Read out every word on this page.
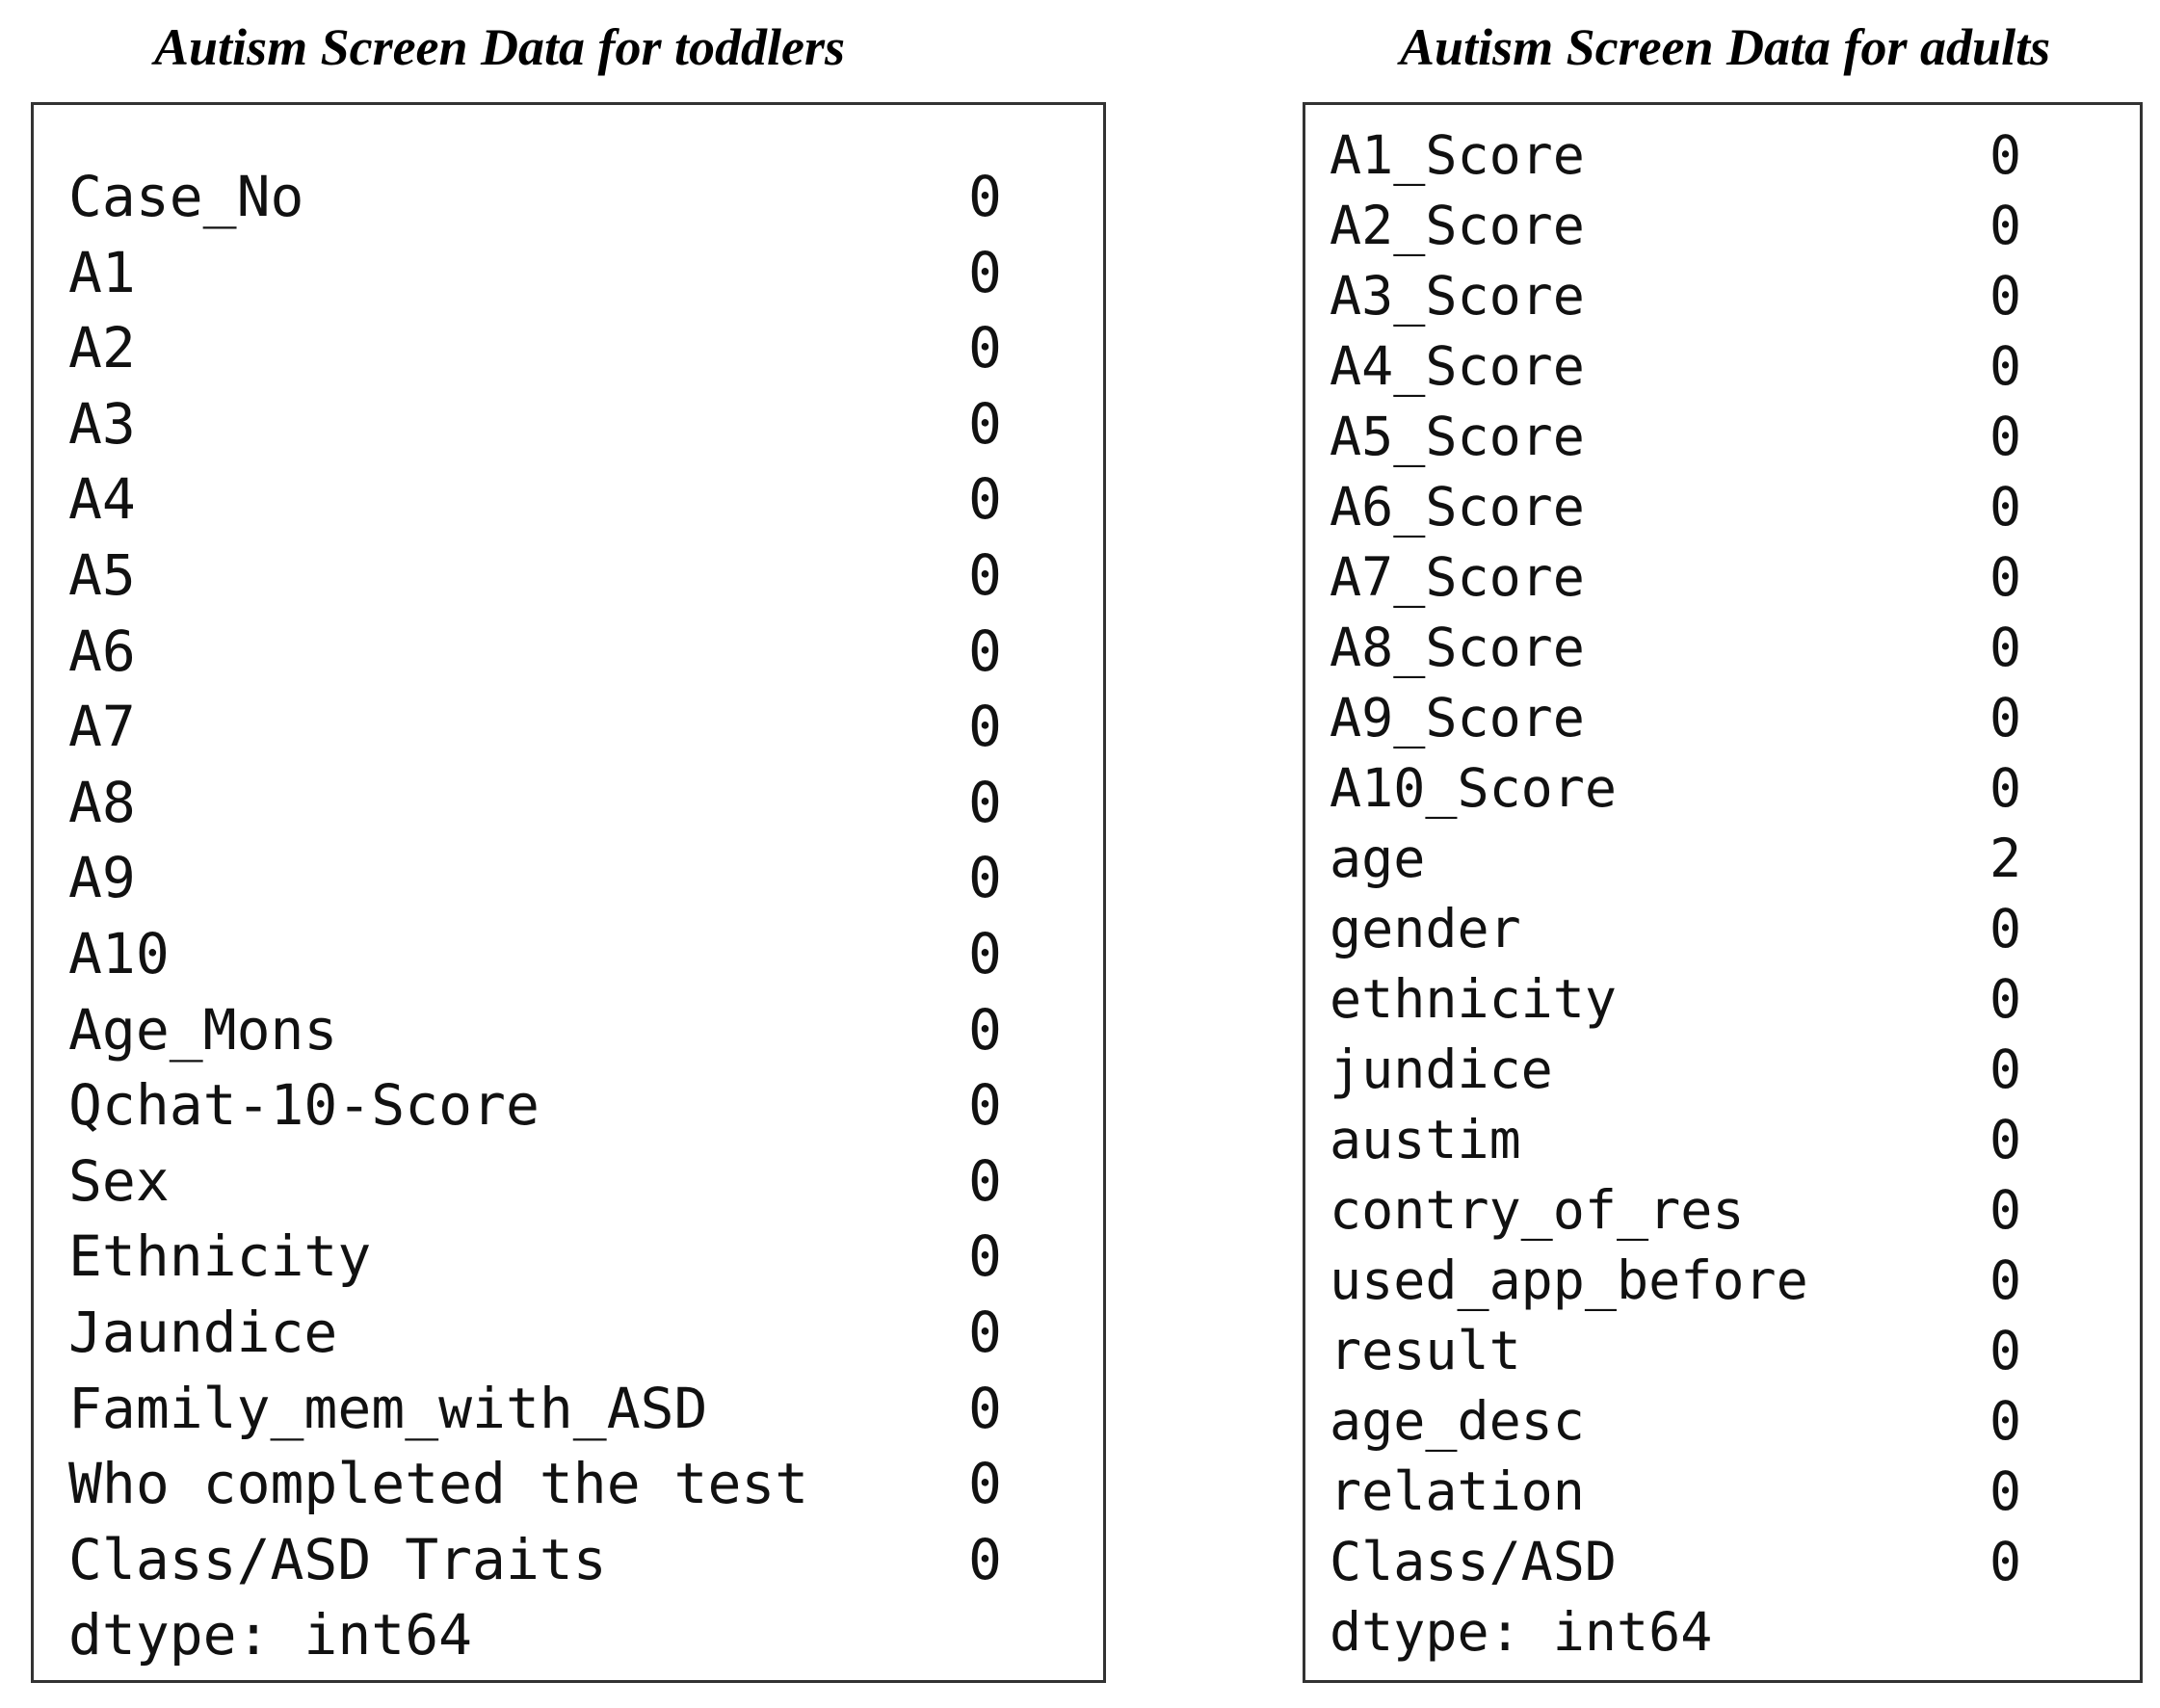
Autism Screen Data for toddlers	Autism Screen Data for adults
Case_No	0
A1	0
A2	0
A3	0
A4	0
A5	0
A6	0
A7	0
A8	0
A9	0
A10	0
Age_Mons	0
Qchat-10-Score	0
Sex	0
Ethnicity	0
Jaundice	0
Family_mem_with_ASD	0
Who completed the test	0
Class/ASD Traits	0
dtype: int64
A1_Score	0
A2_Score	0
A3_Score	0
A4_Score	0
A5_Score	0
A6_Score	0
A7_Score	0
A8_Score	0
A9_Score	0
A10_Score	0
age	2
gender	0
ethnicity	0
jundice	0
austim	0
contry_of_res	0
used_app_before	0
result	0
age_desc	0
relation	0
Class/ASD	0
dtype: int64
